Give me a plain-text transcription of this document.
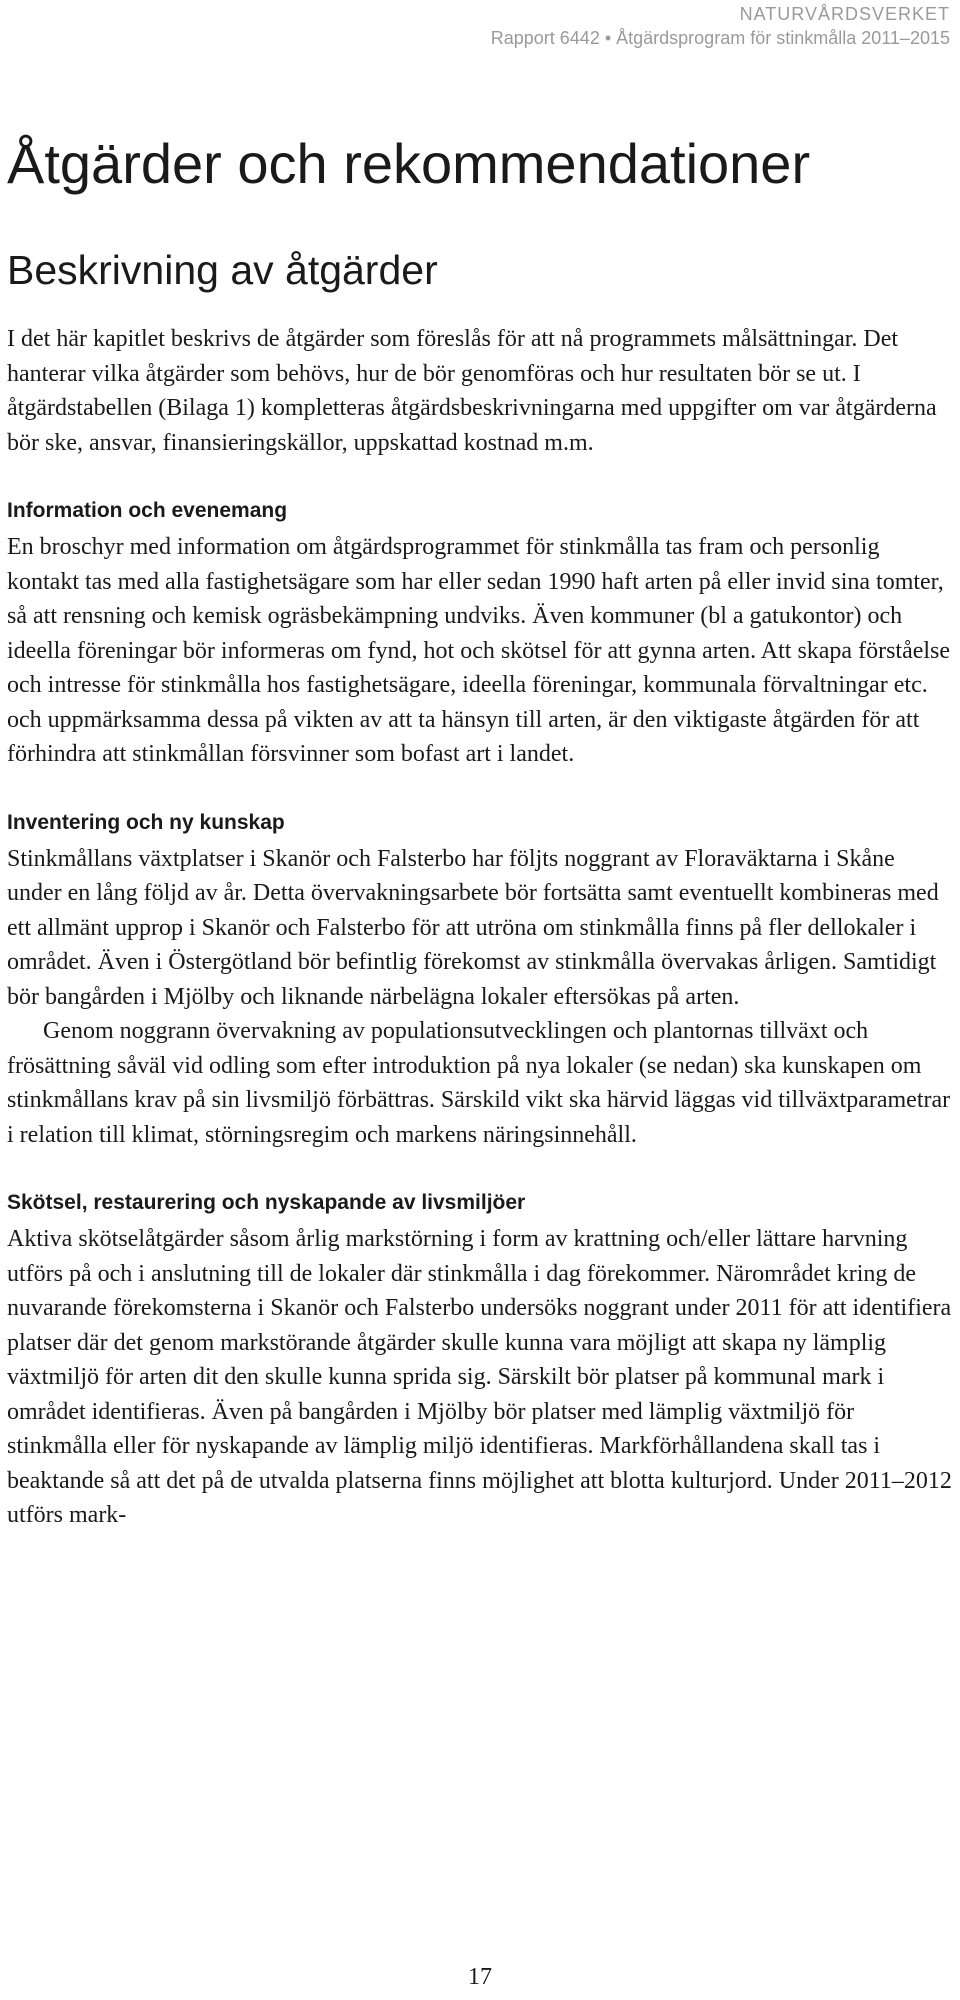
NATURVÅRDSVERKET
Rapport 6442 • Åtgärdsprogram för stinkmålla 2011–2015
Åtgärder och rekommendationer
Beskrivning av åtgärder

I det här kapitlet beskrivs de åtgärder som föreslås för att nå programmets målsättningar. Det hanterar vilka åtgärder som behövs, hur de bör genomföras och hur resultaten bör se ut. I åtgärdstabellen (Bilaga 1) kompletteras åtgärdsbeskrivningarna med uppgifter om var åtgärderna bör ske, ansvar, finansieringskällor, uppskattad kostnad m.m.

Information och evenemang

En broschyr med information om åtgärdsprogrammet för stinkmålla tas fram och personlig kontakt tas med alla fastighetsägare som har eller sedan 1990 haft arten på eller invid sina tomter, så att rensning och kemisk ogräsbekämpning undviks. Även kommuner (bl a gatukontor) och ideella föreningar bör informeras om fynd, hot och skötsel för att gynna arten. Att skapa förståelse och intresse för stinkmålla hos fastighetsägare, ideella föreningar, kommunala förvaltningar etc. och uppmärksamma dessa på vikten av att ta hänsyn till arten, är den viktigaste åtgärden för att förhindra att stinkmållan försvinner som bofast art i landet.

Inventering och ny kunskap

Stinkmållans växtplatser i Skanör och Falsterbo har följts noggrant av Floraväktarna i Skåne under en lång följd av år. Detta övervakningsarbete bör fortsätta samt eventuellt kombineras med ett allmänt upprop i Skanör och Falsterbo för att utröna om stinkmålla finns på fler dellokaler i området. Även i Östergötland bör befintlig förekomst av stinkmålla övervakas årligen. Samtidigt bör bangården i Mjölby och liknande närbelägna lokaler eftersökas på arten.

Genom noggrann övervakning av populationsutvecklingen och plantornas tillväxt och frösättning såväl vid odling som efter introduktion på nya lokaler (se nedan) ska kunskapen om stinkmållans krav på sin livsmiljö förbättras. Särskild vikt ska härvid läggas vid tillväxtparametrar i relation till klimat, störningsregim och markens näringsinnehåll.

Skötsel, restaurering och nyskapande av livsmiljöer

Aktiva skötselåtgärder såsom årlig markstörning i form av krattning och/eller lättare harvning utförs på och i anslutning till de lokaler där stinkmålla i dag förekommer. Närområdet kring de nuvarande förekomsterna i Skanör och Falsterbo undersöks noggrant under 2011 för att identifiera platser där det genom markstörande åtgärder skulle kunna vara möjligt att skapa ny lämplig växtmiljö för arten dit den skulle kunna sprida sig. Särskilt bör platser på kommunal mark i området identifieras. Även på bangården i Mjölby bör platser med lämplig växtmiljö för stinkmålla eller för nyskapande av lämplig miljö identifieras. Markförhållandena skall tas i beaktande så att det på de utvalda platserna finns möjlighet att blotta kulturjord. Under 2011–2012 utförs mark-

17
